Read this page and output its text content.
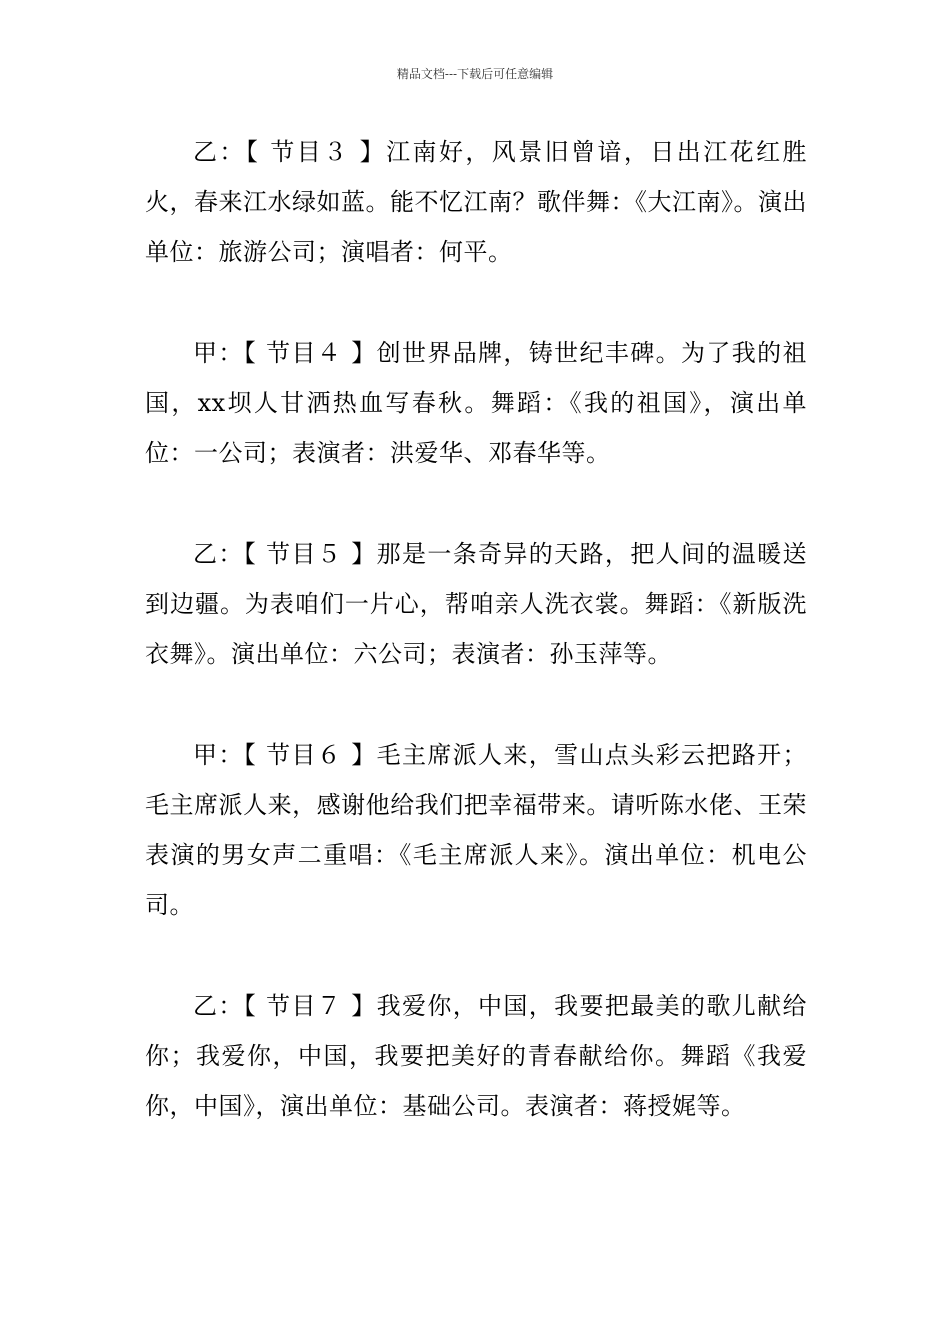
精品文档---下载后可任意编辑

乙：【 节目３ 】江南好，风景旧曾谙，日出江花红胜火，春来江水绿如蓝。能不忆江南？歌伴舞：《大江南》。演出单位：旅游公司；演唱者：何平。

甲：【 节目４ 】创世界品牌，铸世纪丰碑。为了我的祖国，xx坝人甘洒热血写春秋。舞蹈：《我的祖国》，演出单位：一公司；表演者：洪爱华、邓春华等。

乙：【 节目５ 】那是一条奇异的天路，把人间的温暖送到边疆。为表咱们一片心，帮咱亲人洗衣裳。舞蹈：《新版洗衣舞》。演出单位：六公司；表演者：孙玉萍等。

甲：【 节目６ 】毛主席派人来，雪山点头彩云把路开；毛主席派人来，感谢他给我们把幸福带来。请听陈水佬、王荣表演的男女声二重唱：《毛主席派人来》。演出单位：机电公司。

乙：【 节目７ 】我爱你，中国，我要把最美的歌儿献给你；我爱你，中国，我要把美好的青春献给你。舞蹈《我爱你，中国》，演出单位：基础公司。表演者：蒋授娓等。
